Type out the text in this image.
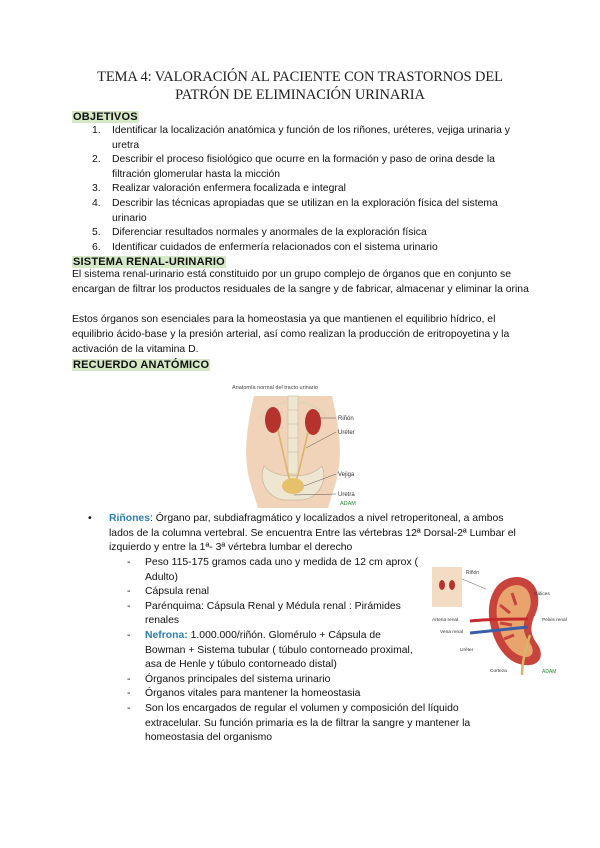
TEMA 4: VALORACIÓN AL PACIENTE CON TRASTORNOS DEL
PATRÓN DE ELIMINACIÓN URINARIA
OBJETIVOS
1. Identificar la localización anatómica y función de los riñones, uréteres, vejiga urinaria y uretra
2. Describir el proceso fisiológico que ocurre en la formación y paso de orina desde la filtración glomerular hasta la micción
3. Realizar valoración enfermera focalizada e integral
4. Describir las técnicas apropiadas que se utilizan en la exploración física del sistema urinario
5. Diferenciar resultados normales y anormales de la exploración física
6. Identificar cuidados de enfermería relacionados con el sistema urinario
SISTEMA RENAL-URINARIO

El sistema renal-urinario está constituido por un grupo complejo de órganos que en conjunto se encargan de filtrar los productos residuales de la sangre y de fabricar, almacenar y eliminar la orina

Estos órganos son esenciales para la homeostasia ya que mantienen el equilibrio hídrico, el equilibrio ácido-base y la presión arterial, así como realizan la producción de eritropoyetina y la activación de la vitamina D.

RECUERDO ANATÓMICO
Anatomía normal del tracto urinario
Riñón
Uréter
Vejiga
Uretra
ADAM
• Riñones: Órgano par, subdiafragmático y localizados a nivel retroperitoneal, a ambos lados de la columna vertebral. Se encuentra Entre las vértebras 12ª Dorsal-2ª Lumbar el izquierdo y entre la 1ª- 3ª vértebra lumbar el derecho
- Peso 115-175 gramos cada uno y medida de 12 cm aprox (
Adulto)
- Cápsula renal
- Parénquima: Cápsula Renal y Médula renal : Pirámides
renales
- Nefrona: 1.000.000/riñón. Glomérulo + Cápsula de
Bowman + Sistema tubular ( túbulo contorneado proximal,
asa de Henle y túbulo contorneado distal)
- Órganos principales del sistema urinario
- Órganos vitales para mantener la homeostasia
- Son los encargados de regular el volumen y composición del líquido
extracelular. Su función primaria es la de filtrar la sangre y mantener la
homeostasia del organismo
Riñón
Cálices
Arteria renal
Vena renal
Pelvis renal
Uréter
Corteza	ADAM
